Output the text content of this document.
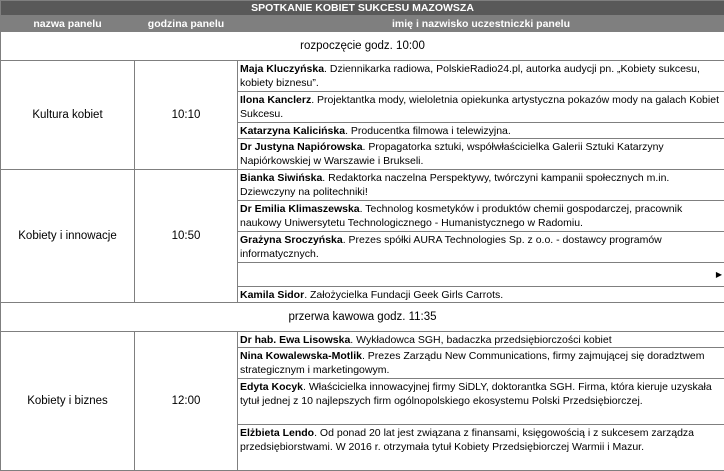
SPOTKANIE KOBIET SUKCESU MAZOWSZA		
nazwa panelu	godzina panelu	imię i nazwisko uczestniczki panelu
rozpoczęcie godz. 10:00		
Kultura kobiet	10:10	Maja Kluczyńska. Dziennikarka radiowa, PolskieRadio24.pl, autorka audycji pn. „Kobiety sukcesu, kobiety biznesu”.
		Ilona Kanclerz. Projektantka mody, wieloletnia opiekunka artystyczna pokazów mody na galach Kobiet Sukcesu.
		Katarzyna Kalicińska. Producentka filmowa i telewizyjna.
		Dr Justyna Napiórowska. Propagatorka sztuki, współwłaścicielka Galerii Sztuki Katarzyny Napiórkowskiej w Warszawie i Brukseli.
Kobiety i innowacje	10:50	Bianka Siwińska. Redaktorka naczelna Perspektywy, twórczyni kampanii społecznych m.in. Dziewczyny na politechniki!
		Dr Emilia Klimaszewska. Technolog kosmetyków i produktów chemii gospodarczej, pracownik naukowy Uniwersytetu Technologicznego - Humanistycznego w Radomiu.
		Grażyna Sroczyńska. Prezes spółki AURA Technologies Sp. z o.o. - dostawcy programów informatycznych.

		▶

		Kamila Sidor. Założycielka Fundacji Geek Girls Carrots.
przerwa kawowa godz. 11:35		
Kobiety i biznes	12:00	Dr hab. Ewa Lisowska. Wykładowca SGH, badaczka przedsiębiorczości kobiet
		Nina Kowalewska-Motlik. Prezes Zarządu New Communications, firmy zajmującej się doradztwem strategicznym i marketingowym.
		Edyta Kocyk. Właścicielka innowacyjnej firmy SiDLY, doktorantka SGH. Firma, która kieruje uzyskała tytuł jednej z 10 najlepszych firm ogólnopolskiego ekosystemu Polski Przedsiębiorczej.
		Elżbieta Lendo. Od ponad 20 lat jest związana z finansami, księgowością i z sukcesem zarządza przedsiębiorstwami. W 2016 r. otrzymała tytuł Kobiety Przedsiębiorczej Warmii i Mazur.
